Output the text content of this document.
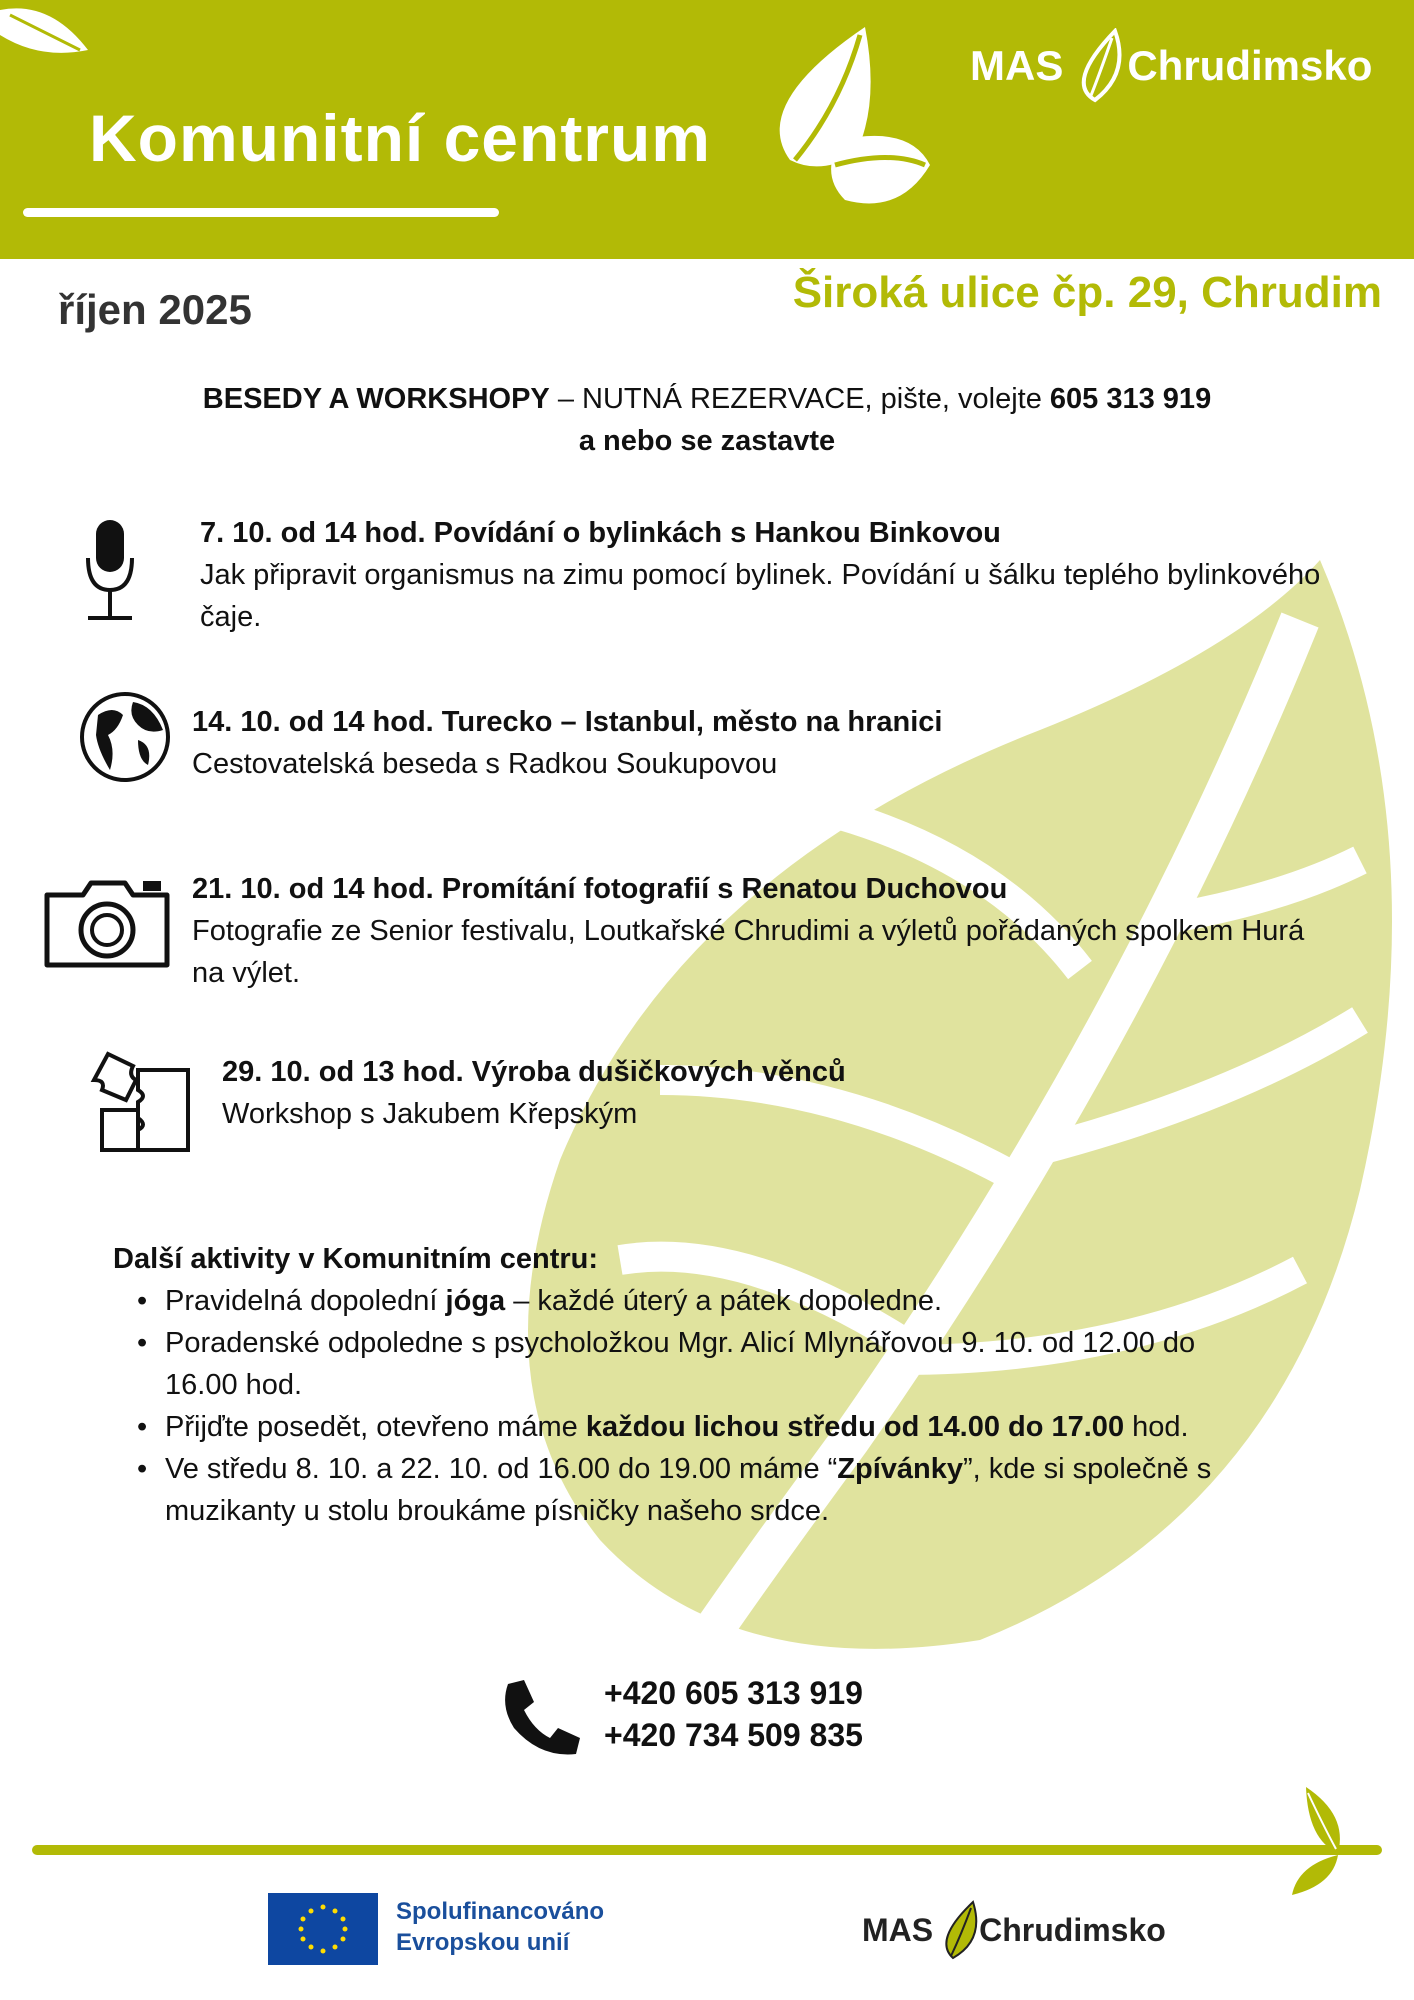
Komunitní centrum
MAS Chrudimsko
říjen 2025	Široká ulice čp. 29, Chrudim
BESEDY A WORKSHOPY – NUTNÁ REZERVACE, pište, volejte 605 313 919
a nebo se zastavte
7. 10. od 14 hod. Povídání o bylinkách s Hankou Binkovou
Jak připravit organismus na zimu pomocí bylinek. Povídání u šálku teplého bylinkového čaje.
14. 10. od 14 hod. Turecko – Istanbul, město na hranici
Cestovatelská beseda s Radkou Soukupovou
21. 10. od 14 hod. Promítání fotografií s Renatou Duchovou
Fotografie ze Senior festivalu, Loutkařské Chrudimi a výletů pořádaných spolkem Hurá na výlet.
29. 10. od 13 hod. Výroba dušičkových věnců
Workshop s Jakubem Křepským
Další aktivity v Komunitním centru:
• Pravidelná dopolední jóga – každé úterý a pátek dopoledne.
• Poradenské odpoledne s psycholožkou Mgr. Alicí Mlynářovou 9. 10. od 12.00 do 16.00 hod.
• Přijďte posedět, otevřeno máme každou lichou středu od 14.00 do 17.00 hod.
• Ve středu 8. 10. a 22. 10. od 16.00 do 19.00 máme “Zpívánky”, kde si společně s muzikanty u stolu broukáme písničky našeho srdce.
+420 605 313 919
+420 734 509 835
Spolufinancováno
Evropskou unií	MAS Chrudimsko
